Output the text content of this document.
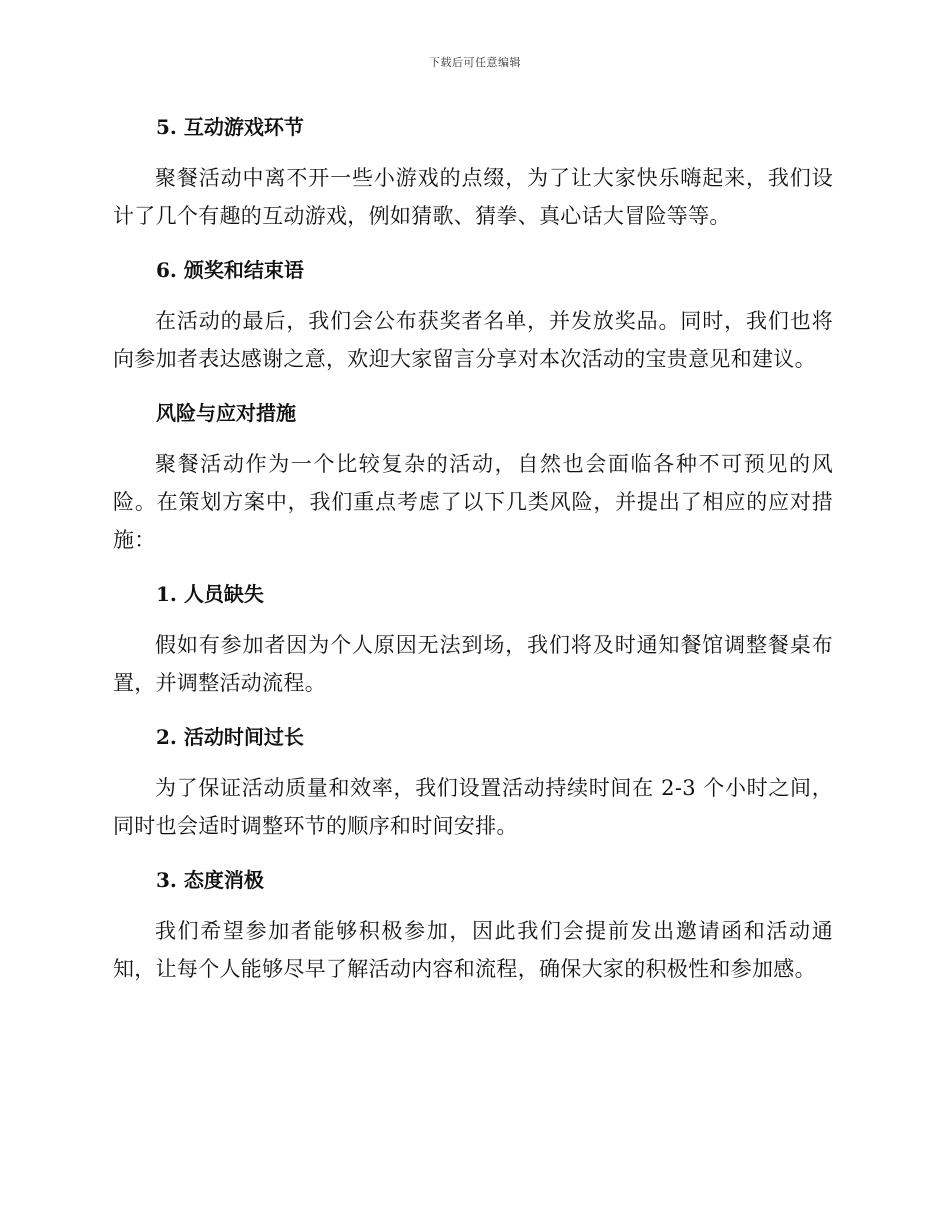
下载后可任意编辑
5. 互动游戏环节

聚餐活动中离不开一些小游戏的点缀，为了让大家快乐嗨起来，我们设计了几个有趣的互动游戏，例如猜歌、猜拳、真心话大冒险等等。

6. 颁奖和结束语

在活动的最后，我们会公布获奖者名单，并发放奖品。同时，我们也将向参加者表达感谢之意，欢迎大家留言分享对本次活动的宝贵意见和建议。

风险与应对措施

聚餐活动作为一个比较复杂的活动，自然也会面临各种不可预见的风险。在策划方案中，我们重点考虑了以下几类风险，并提出了相应的应对措施：

1. 人员缺失

假如有参加者因为个人原因无法到场，我们将及时通知餐馆调整餐桌布置，并调整活动流程。

2. 活动时间过长

为了保证活动质量和效率，我们设置活动持续时间在 2-3 个小时之间，同时也会适时调整环节的顺序和时间安排。

3. 态度消极

我们希望参加者能够积极参加，因此我们会提前发出邀请函和活动通知，让每个人能够尽早了解活动内容和流程，确保大家的积极性和参加感。
